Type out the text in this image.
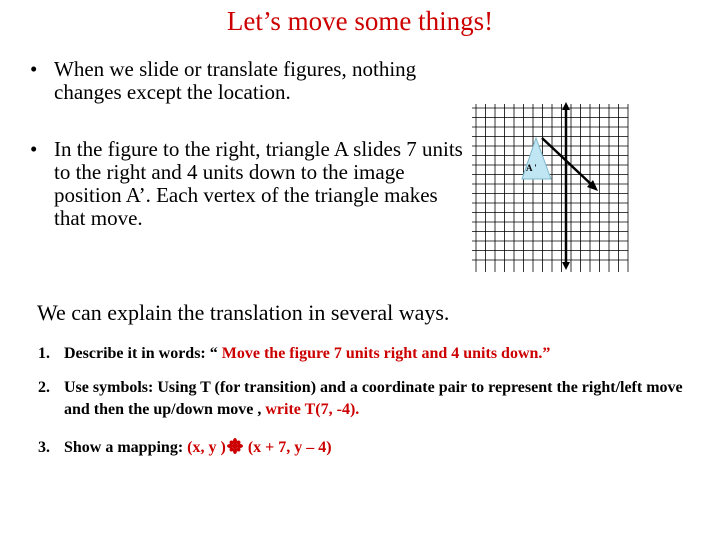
Let’s move some things!
• When we slide or translate figures, nothing changes except the location.
• In the figure to the right, triangle A slides 7 units to the right and 4 units down to the image position A’. Each vertex of the triangle makes that move.
A '
We can explain the translation in several ways.
1. Describe it in words: “ Move the figure 7 units right and 4 units down.”
2. Use symbols: Using T (for transition) and a coordinate pair to represent the right/left move and then the up/down move , write T(7, -4).
3. Show a mapping: (x, y ) (x + 7, y – 4)
